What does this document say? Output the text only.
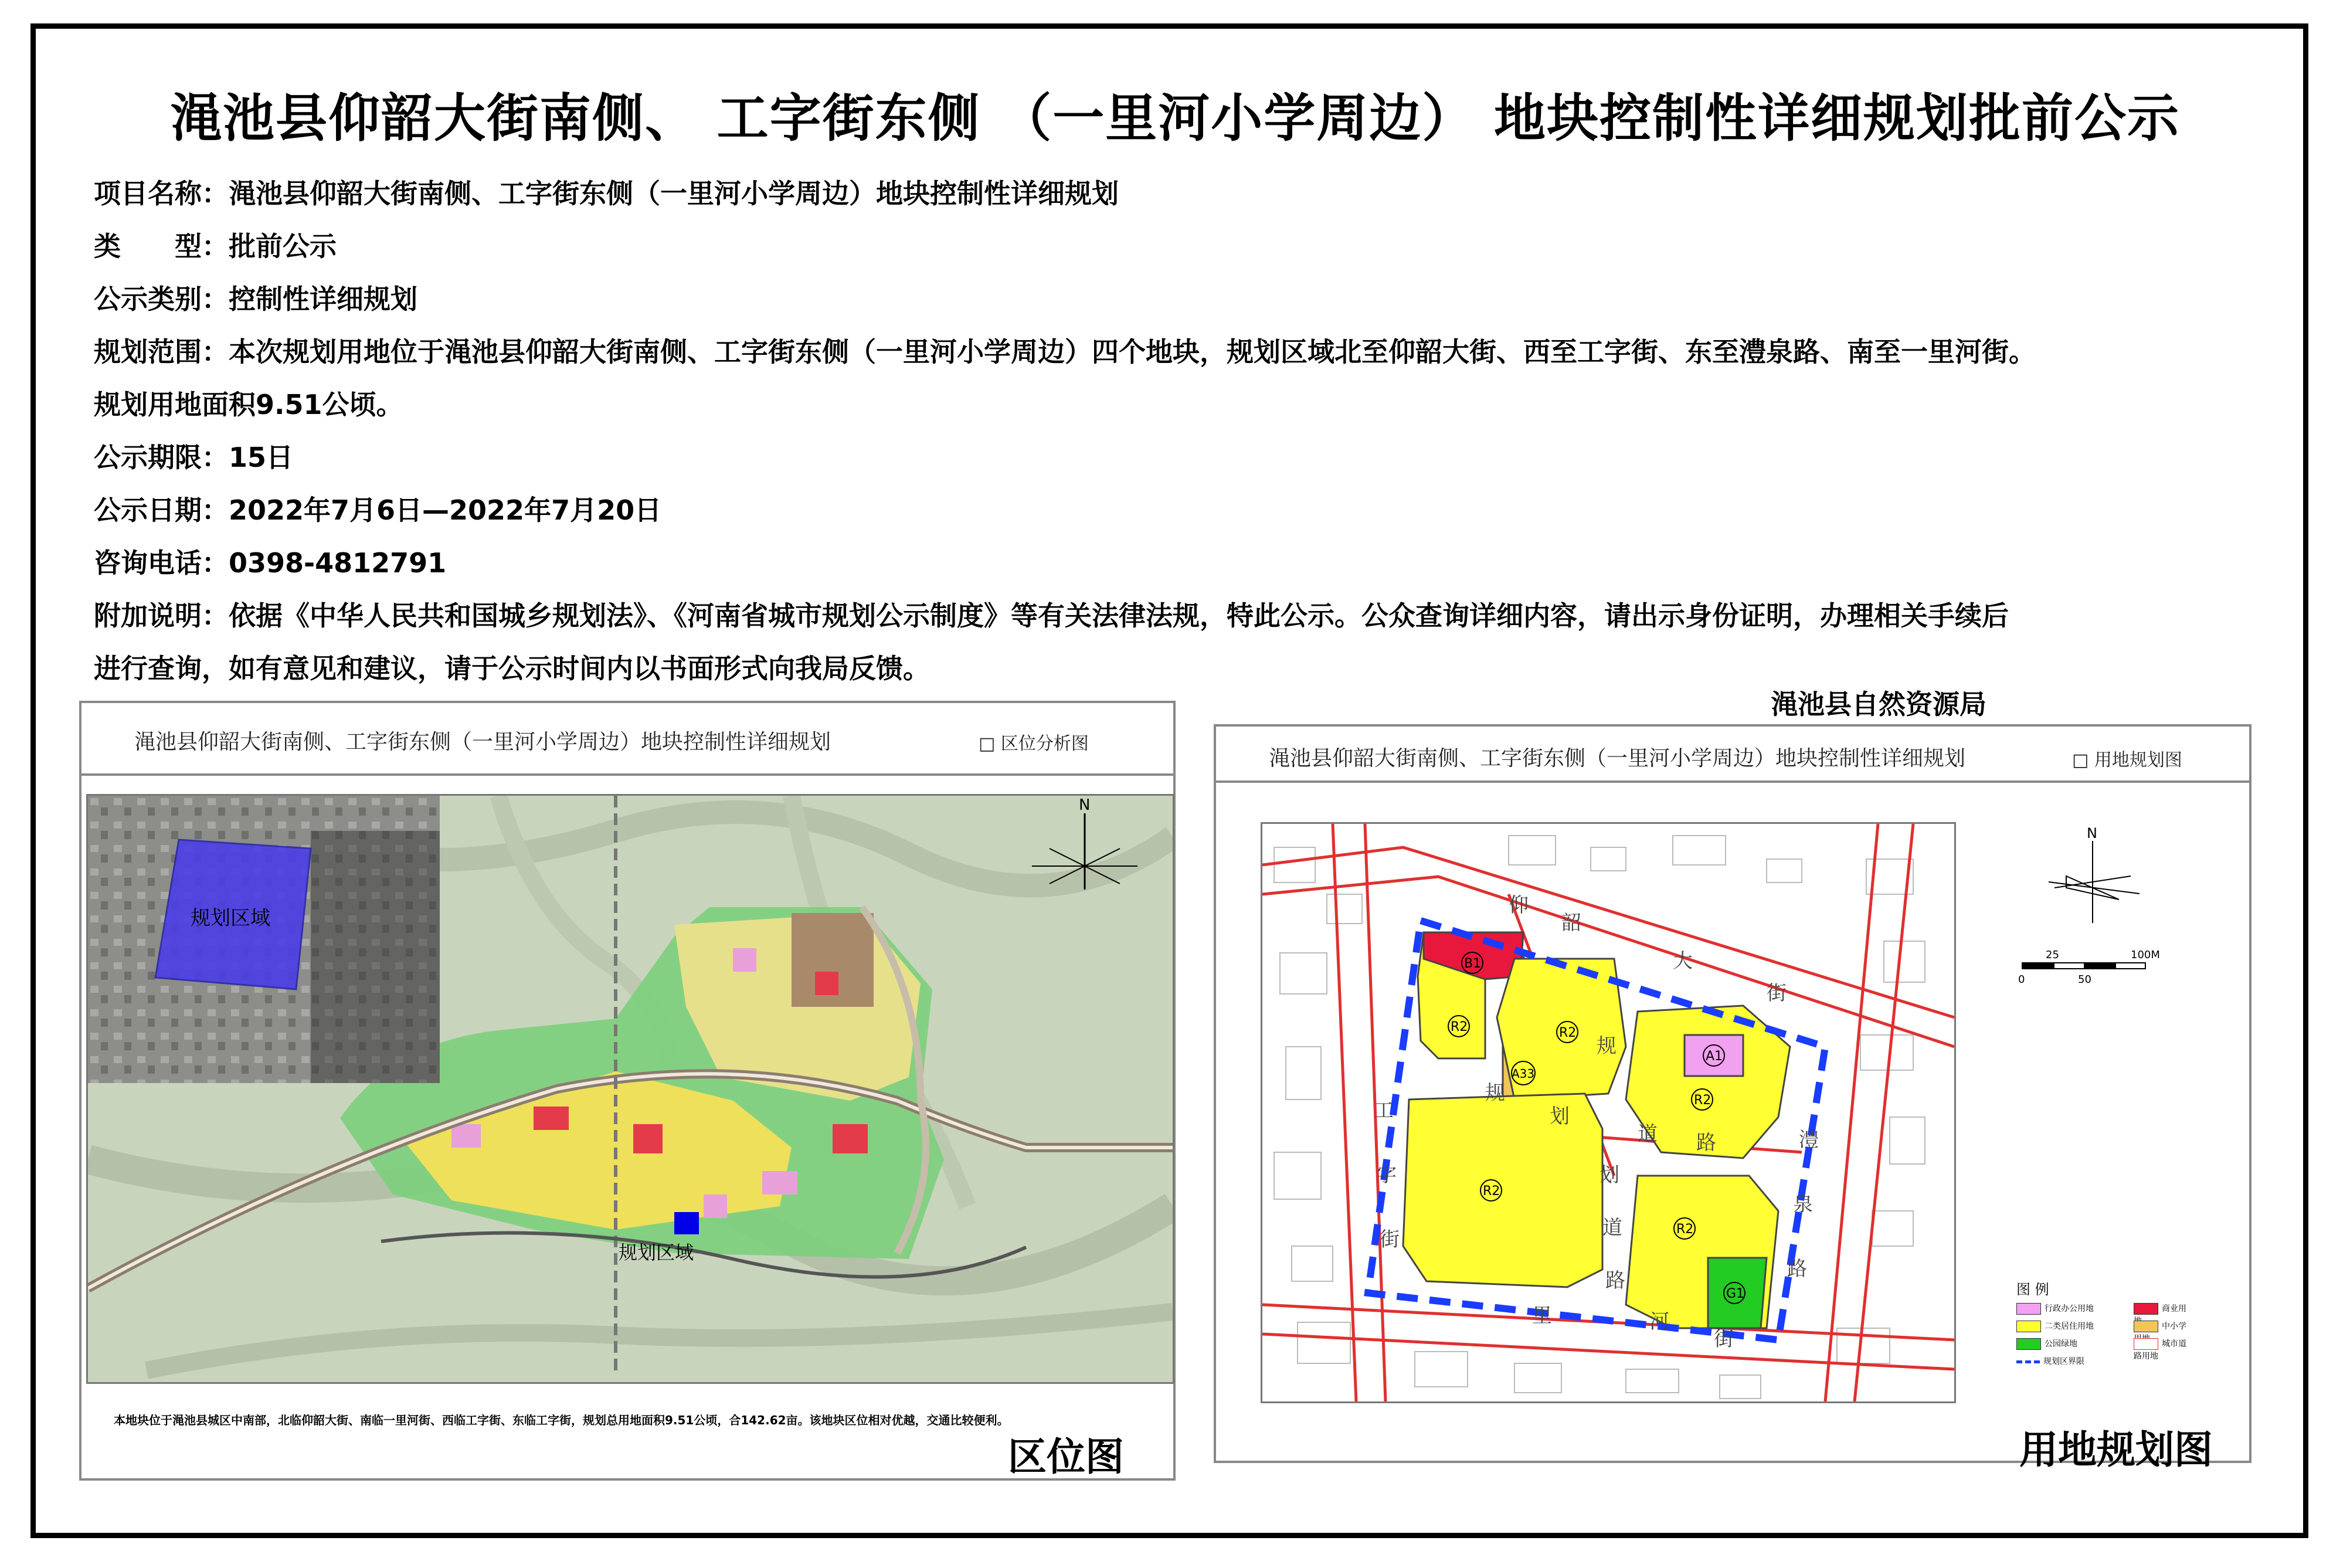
渑池县仰韶大街南侧、 工字街东侧 （一里河小学周边） 地块控制性详细规划批前公示
项目名称：渑池县仰韶大街南侧、工字街东侧（一里河小学周边）地块控制性详细规划
类　　型：批前公示
公示类别：控制性详细规划
规划范围：本次规划用地位于渑池县仰韶大街南侧、工字街东侧（一里河小学周边）四个地块，规划区域北至仰韶大街、西至工字街、东至澧泉路、南至一里河街。
规划用地面积9.51公顷。
公示期限：15日
公示日期：2022年7月6日—2022年7月20日
咨询电话：0398-4812791
附加说明：依据《中华人民共和国城乡规划法》、《河南省城市规划公示制度》等有关法律法规，特此公示。公众查询详细内容，请出示身份证明，办理相关手续后
进行查询，如有意见和建议，请于公示时间内以书面形式向我局反馈。
渑池县自然资源局
渑池县仰韶大街南侧、工字街东侧（一里河小学周边）地块控制性详细规划	□ 区位分析图
规划区域
N
规划区域
本地块位于渑池县城区中南部，北临仰韶大街、南临一里河街、西临工字街、东临工字街，规划总用地面积9.51公顷，合142.62亩。该地块区位相对优越，交通比较便利。
区位图
渑池县仰韶大街南侧、工字街东侧（一里河小学周边）地块控制性详细规划	□ 用地规划图
B1
R2
A33
R2
A1
R2
R2
R2
G1
仰
韶
大
街
规
划
道 路
规
划
道
路
澧
泉
路
工
字
街
里	河
街
N
25	100M
0	50
图 例
行政办公用地	商业用
二类居住用地	中小学
公园绿地	城市道路用地
规划区界限
用地规划图
